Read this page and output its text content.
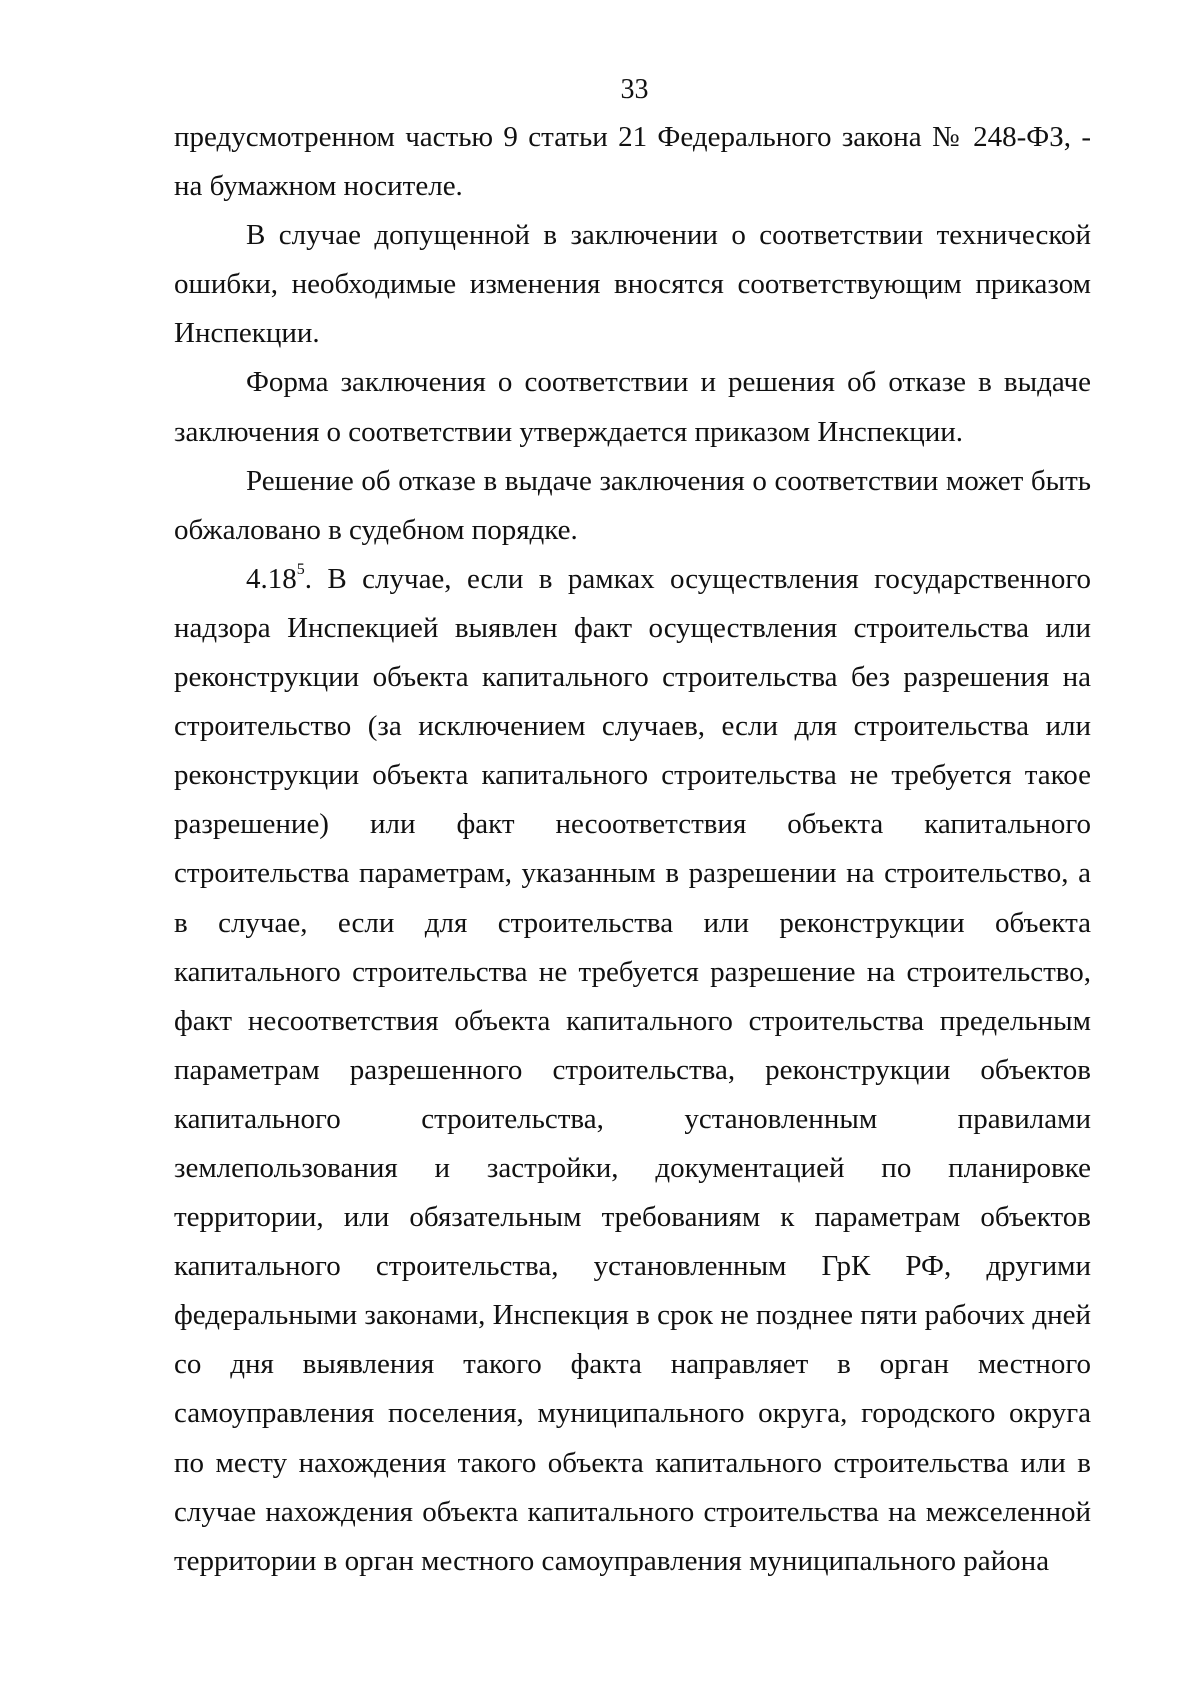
33

предусмотренном частью 9 статьи 21 Федерального закона № 248-ФЗ, - на бумажном носителе.

В случае допущенной в заключении о соответствии технической ошибки, необходимые изменения вносятся соответствующим приказом Инспекции.

Форма заключения о соответствии и решения об отказе в выдаче заключения о соответствии утверждается приказом Инспекции.

Решение об отказе в выдаче заключения о соответствии может быть обжаловано в судебном порядке.

4.18$^5$. В случае, если в рамках осуществления государственного надзора Инспекцией выявлен факт осуществления строительства или реконструкции объекта капитального строительства без разрешения на строительство (за исключением случаев, если для строительства или реконструкции объекта капитального строительства не требуется такое разрешение) или факт несоответствия объекта капитального строительства параметрам, указанным в разрешении на строительство, а в случае, если для строительства или реконструкции объекта капитального строительства не требуется разрешение на строительство, факт несоответствия объекта капитального строительства предельным параметрам разрешенного строительства, реконструкции объектов капитального строительства, установленным правилами землепользования и застройки, документацией по планировке территории, или обязательным требованиям к параметрам объектов капитального строительства, установленным ГрК РФ, другими федеральными законами, Инспекция в срок не позднее пяти рабочих дней со дня выявления такого факта направляет в орган местного самоуправления поселения, муниципального округа, городского округа по месту нахождения такого объекта капитального строительства или в случае нахождения объекта капитального строительства на межселенной территории в орган местного самоуправления муниципального района
